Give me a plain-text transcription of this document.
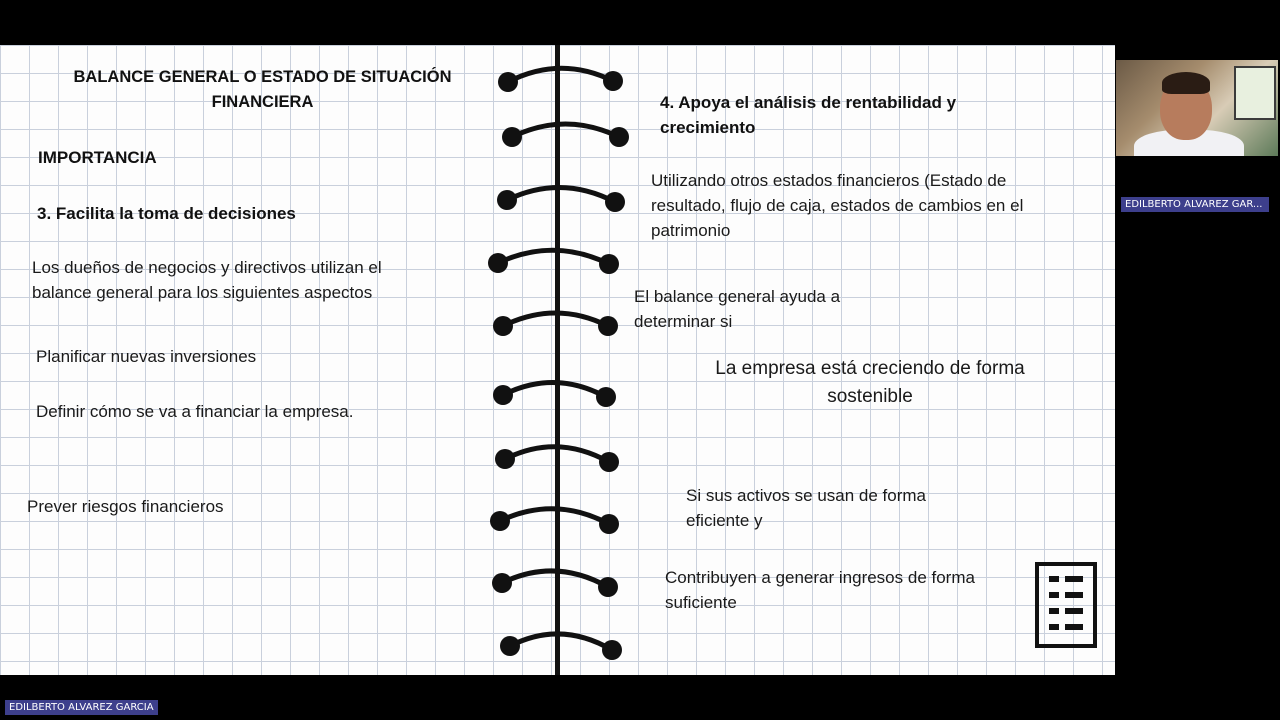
BALANCE GENERAL O ESTADO DE SITUACIÓN FINANCIERA
IMPORTANCIA
3. Facilita la toma de decisiones
Los dueños de negocios y directivos utilizan el balance general para los siguientes aspectos
Planificar nuevas inversiones
Definir cómo se va a financiar la empresa.
Prever riesgos financieros
4. Apoya el análisis de rentabilidad y crecimiento
Utilizando otros estados financieros (Estado de resultado, flujo de caja, estados de cambios en el patrimonio
El balance general ayuda a determinar si
La empresa está creciendo de forma sostenible
Si sus activos se usan de forma eficiente y
Contribuyen a generar ingresos de forma suficiente
EDILBERTO ALVAREZ GAR...
EDILBERTO ALVAREZ GARCIA
